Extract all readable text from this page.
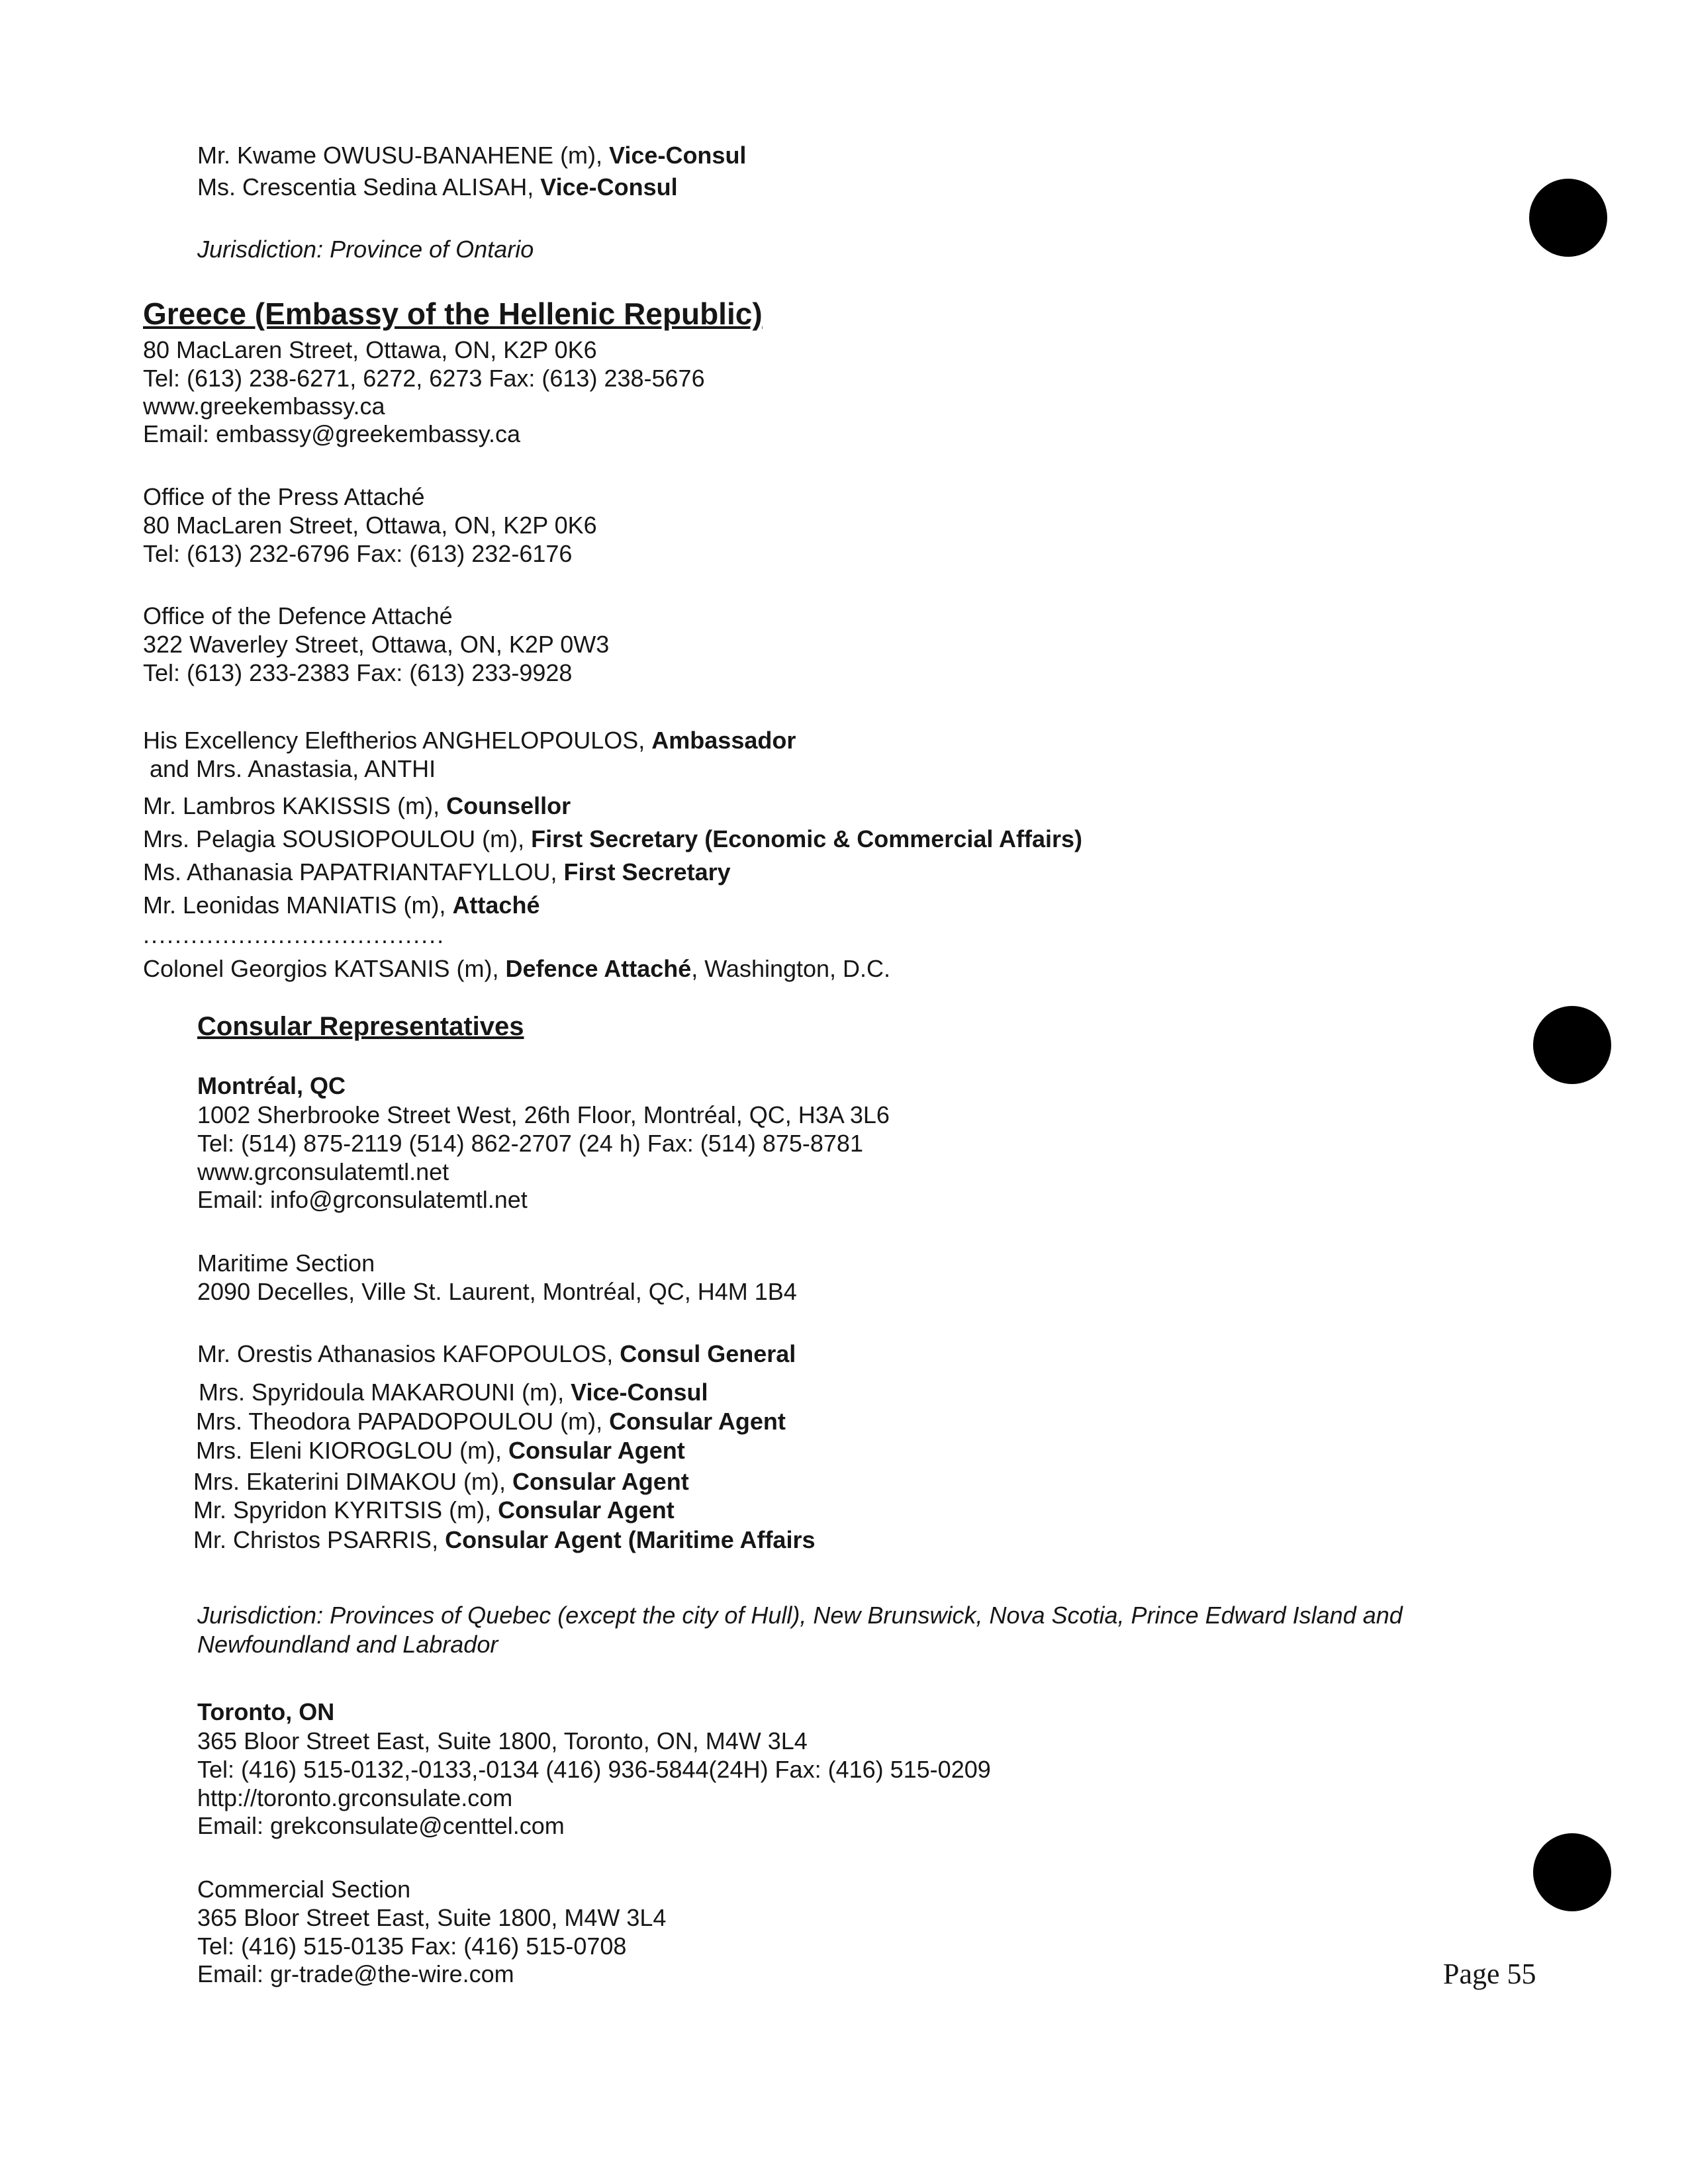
Mr. Kwame OWUSU-BANAHENE (m), Vice-Consul
Ms. Crescentia Sedina ALISAH, Vice-Consul
Jurisdiction: Province of Ontario
Greece (Embassy of the Hellenic Republic)
80 MacLaren Street, Ottawa, ON, K2P 0K6
Tel: (613) 238-6271, 6272, 6273 Fax: (613) 238-5676
www.greekembassy.ca
Email: embassy@greekembassy.ca
Office of the Press Attaché
80 MacLaren Street, Ottawa, ON, K2P 0K6
Tel: (613) 232-6796 Fax: (613) 232-6176
Office of the Defence Attaché
322 Waverley Street, Ottawa, ON, K2P 0W3
Tel: (613) 233-2383 Fax: (613) 233-9928
His Excellency Eleftherios ANGHELOPOULOS, Ambassador
and Mrs. Anastasia, ANTHI
Mr. Lambros KAKISSIS (m), Counsellor
Mrs. Pelagia SOUSIOPOULOU (m), First Secretary (Economic & Commercial Affairs)
Ms. Athanasia PAPATRIANTAFYLLOU, First Secretary
Mr. Leonidas MANIATIS (m), Attaché
......................................
Colonel Georgios KATSANIS (m), Defence Attaché, Washington, D.C.
Consular Representatives
Montréal, QC
1002 Sherbrooke Street West, 26th Floor, Montréal, QC, H3A 3L6
Tel: (514) 875-2119 (514) 862-2707 (24 h) Fax: (514) 875-8781
www.grconsulatemtl.net
Email: info@grconsulatemtl.net
Maritime Section
2090 Decelles, Ville St. Laurent, Montréal, QC, H4M 1B4
Mr. Orestis Athanasios KAFOPOULOS, Consul General
Mrs. Spyridoula MAKAROUNI (m), Vice-Consul
Mrs. Theodora PAPADOPOULOU (m), Consular Agent
Mrs. Eleni KIOROGLOU (m), Consular Agent
Mrs. Ekaterini DIMAKOU (m), Consular Agent
Mr. Spyridon KYRITSIS (m), Consular Agent
Mr. Christos PSARRIS, Consular Agent (Maritime Affairs
Jurisdiction: Provinces of Quebec (except the city of Hull), New Brunswick, Nova Scotia, Prince Edward Island and
Newfoundland and Labrador
Toronto, ON
365 Bloor Street East, Suite 1800, Toronto, ON, M4W 3L4
Tel: (416) 515-0132,-0133,-0134 (416) 936-5844(24H) Fax: (416) 515-0209
http://toronto.grconsulate.com
Email: grekconsulate@centtel.com
Commercial Section
365 Bloor Street East, Suite 1800, M4W 3L4
Tel: (416) 515-0135 Fax: (416) 515-0708
Email: gr-trade@the-wire.com	Page 55
